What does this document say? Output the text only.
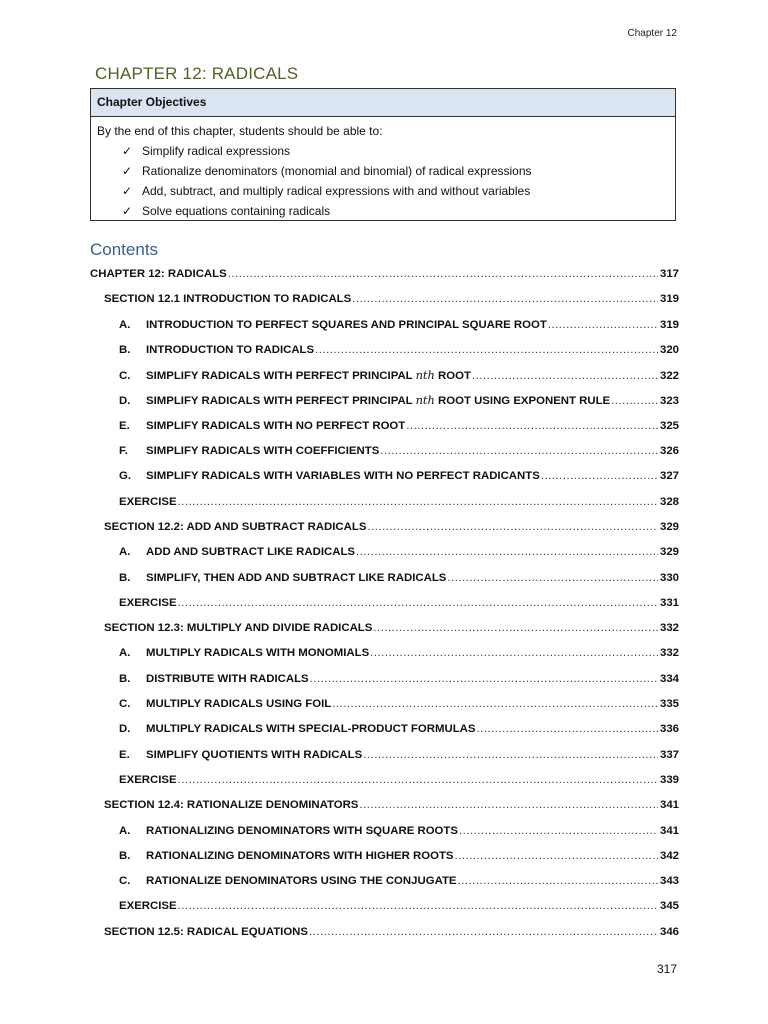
Chapter 12
CHAPTER 12: RADICALS
Chapter Objectives
By the end of this chapter, students should be able to:
✓ Simplify radical expressions
✓ Rationalize denominators (monomial and binomial) of radical expressions
✓ Add, subtract, and multiply radical expressions with and without variables
✓ Solve equations containing radicals
Contents
CHAPTER 12: RADICALS .....	317
SECTION 12.1 INTRODUCTION TO RADICALS .....	319
A.	INTRODUCTION TO PERFECT SQUARES AND PRINCIPAL SQUARE ROOT .....	319
B.	INTRODUCTION TO RADICALS .....	320
C.	SIMPLIFY RADICALS WITH PERFECT PRINCIPAL nth ROOT .....	322
D.	SIMPLIFY RADICALS WITH PERFECT PRINCIPAL nth ROOT USING EXPONENT RULE .....	323
E.	SIMPLIFY RADICALS WITH NO PERFECT ROOT .....	325
F.	SIMPLIFY RADICALS WITH COEFFICIENTS .....	326
G.	SIMPLIFY RADICALS WITH VARIABLES WITH NO PERFECT RADICANTS .....	327
EXERCISE .....	328
SECTION 12.2: ADD AND SUBTRACT RADICALS .....	329
A.	ADD AND SUBTRACT LIKE RADICALS .....	329
B.	SIMPLIFY, THEN ADD AND SUBTRACT LIKE RADICALS .....	330
EXERCISE .....	331
SECTION 12.3: MULTIPLY AND DIVIDE RADICALS .....	332
A.	MULTIPLY RADICALS WITH MONOMIALS .....	332
B.	DISTRIBUTE WITH RADICALS .....	334
C.	MULTIPLY RADICALS USING FOIL .....	335
D.	MULTIPLY RADICALS WITH SPECIAL-PRODUCT FORMULAS .....	336
E.	SIMPLIFY QUOTIENTS WITH RADICALS .....	337
EXERCISE .....	339
SECTION 12.4: RATIONALIZE DENOMINATORS .....	341
A.	RATIONALIZING DENOMINATORS WITH SQUARE ROOTS .....	341
B.	RATIONALIZING DENOMINATORS WITH HIGHER ROOTS .....	342
C.	RATIONALIZE DENOMINATORS USING THE CONJUGATE .....	343
EXERCISE .....	345
SECTION 12.5: RADICAL EQUATIONS .....	346
317
